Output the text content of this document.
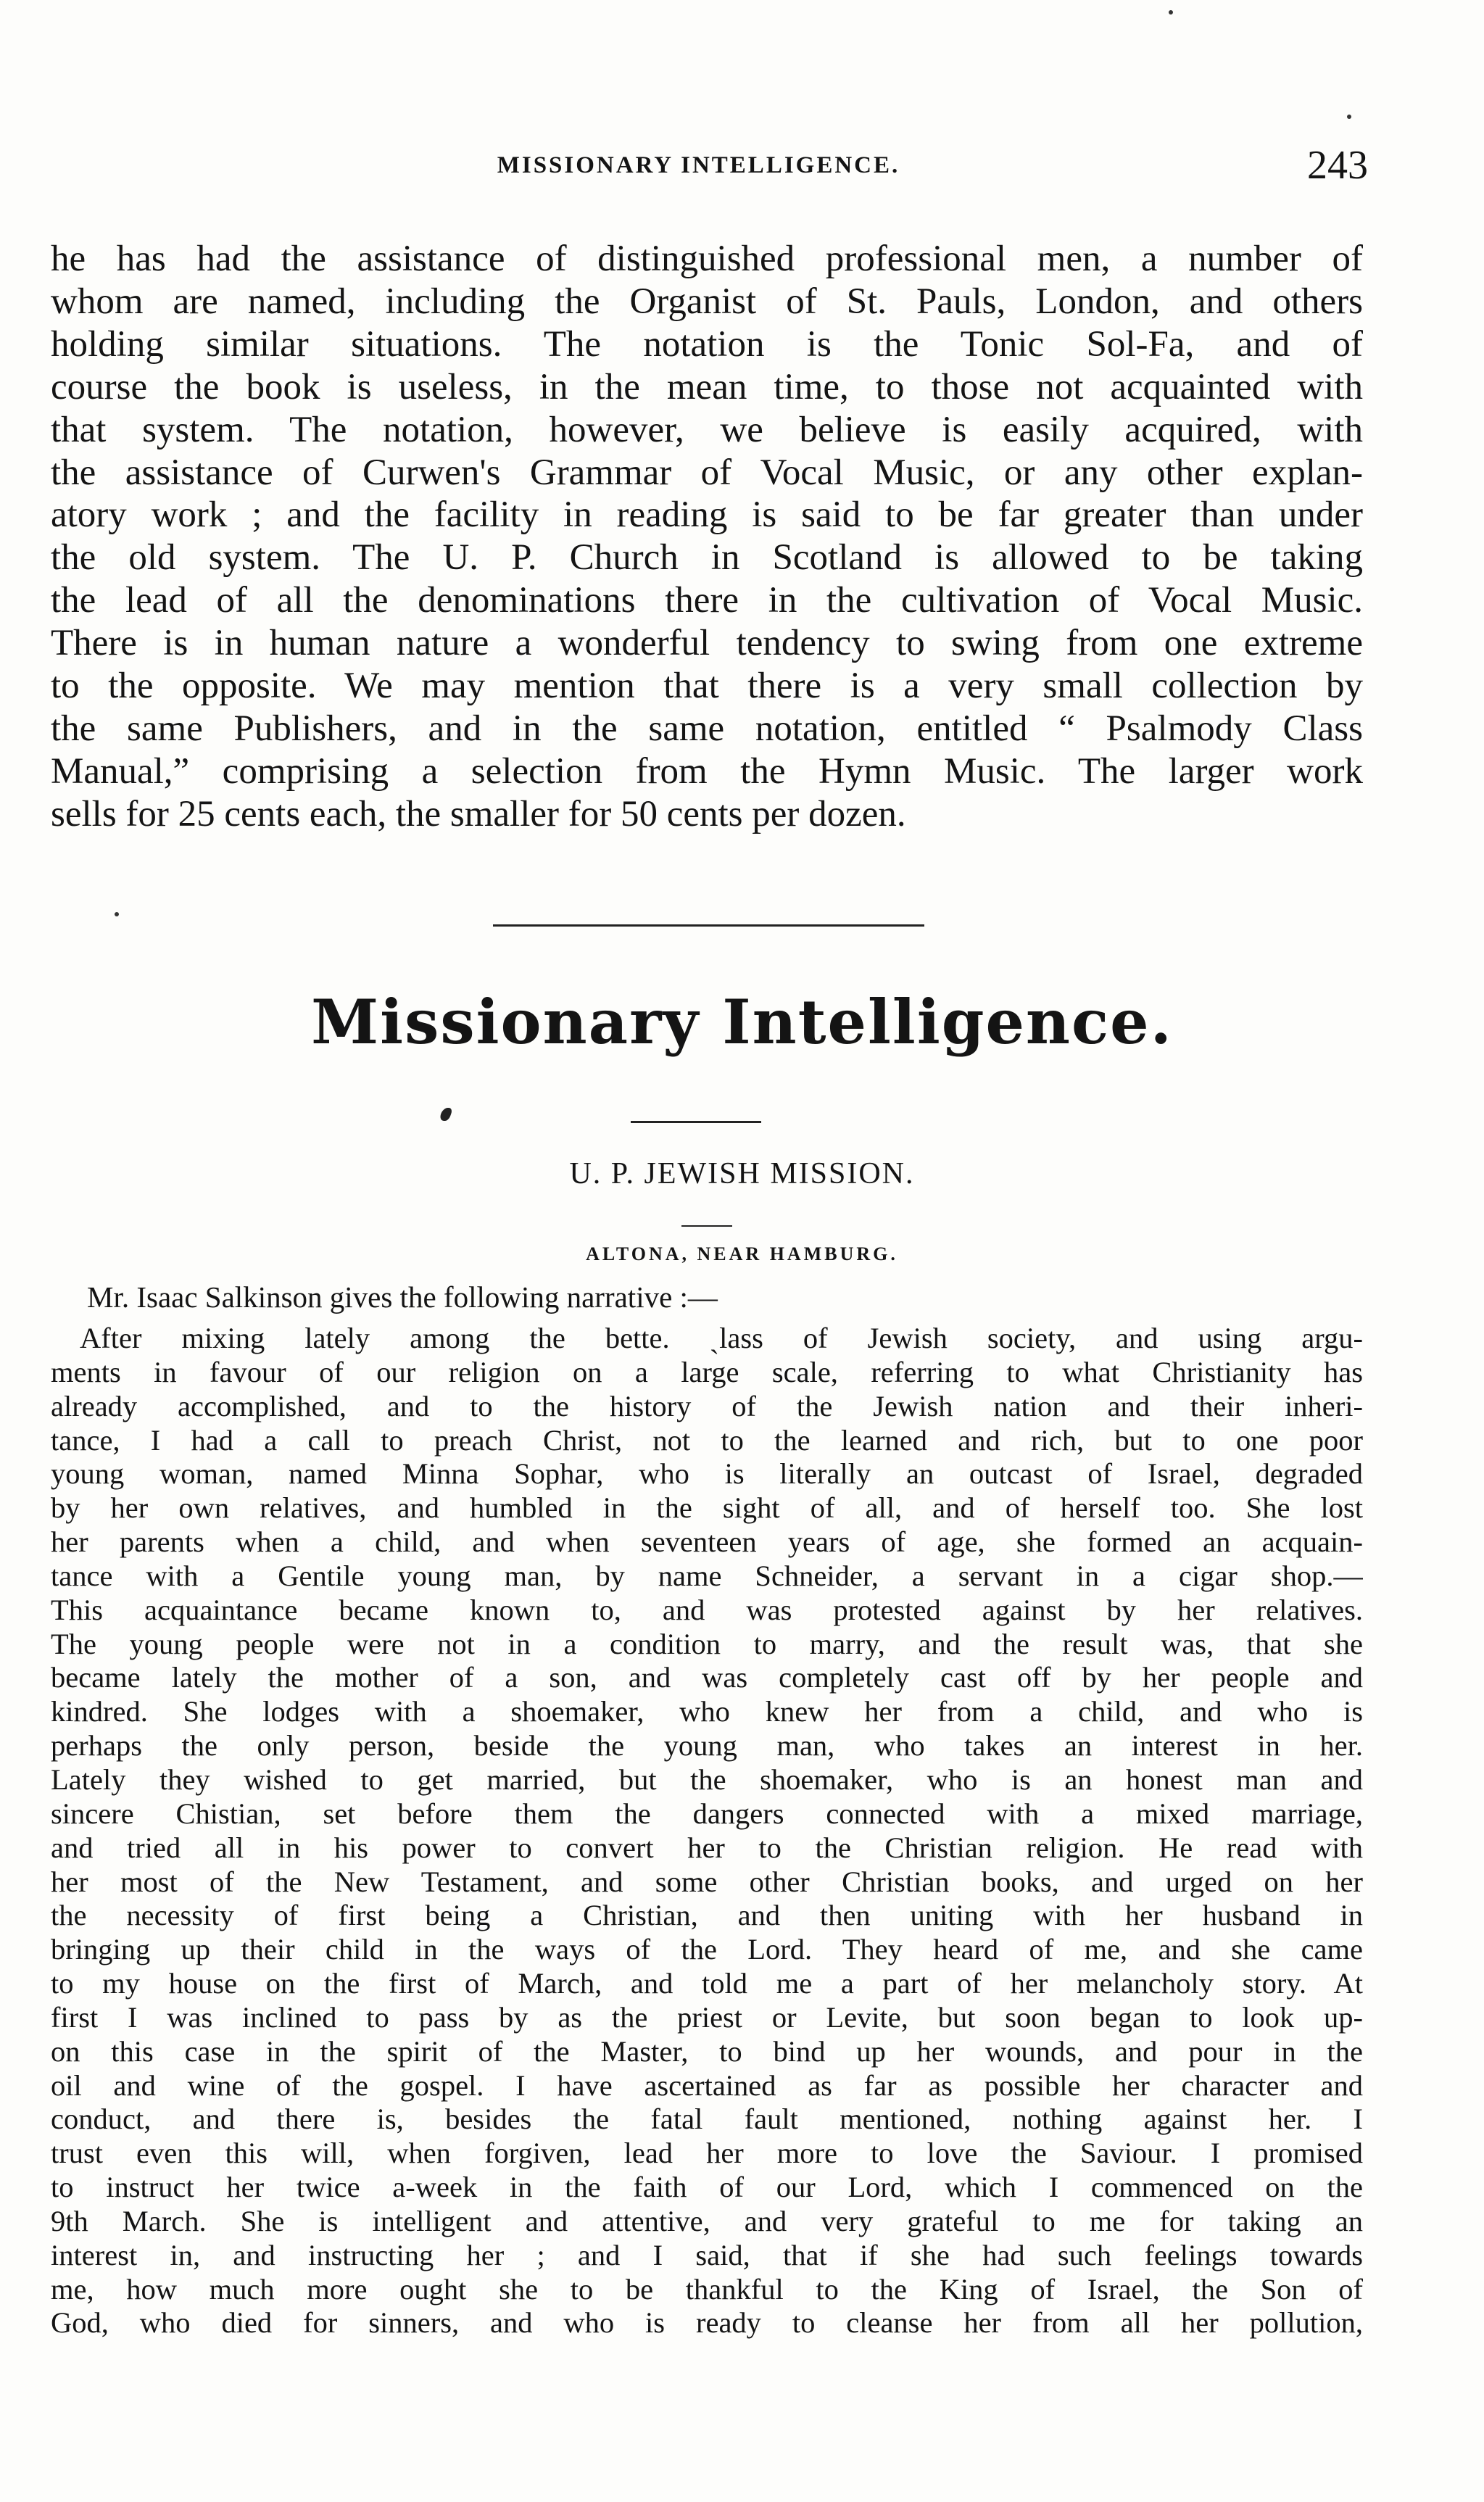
MISSIONARY INTELLIGENCE.	243
he has had the assistance of distinguished professional men, a number of
whom are named, including the Organist of St. Pauls, London, and others
holding similar situations. The notation is the Tonic Sol-Fa, and of
course the book is useless, in the mean time, to those not acquainted with
that system. The notation, however, we believe is easily acquired, with
the assistance of Curwen's Grammar of Vocal Music, or any other explan-
atory work ; and the facility in reading is said to be far greater than under
the old system. The U. P. Church in Scotland is allowed to be taking
the lead of all the denominations there in the cultivation of Vocal Music.
There is in human nature a wonderful tendency to swing from one extreme
to the opposite. We may mention that there is a very small collection by
the same Publishers, and in the same notation, entitled “ Psalmody Class
Manual,” comprising a selection from the Hymn Music. The larger work
sells for 25 cents each, the smaller for 50 cents per dozen.
Missionary Intelligence.
U. P. JEWISH MISSION.
ALTONA, NEAR HAMBURG.
Mr. Isaac Salkinson gives the following narrative :—
After mixing lately among the bette. ˏlass of Jewish society, and using argu-
ments in favour of our religion on a large scale, referring to what Christianity has
already accomplished, and to the history of the Jewish nation and their inheri-
tance, I had a call to preach Christ, not to the learned and rich, but to one poor
young woman, named Minna Sophar, who is literally an outcast of Israel, degraded
by her own relatives, and humbled in the sight of all, and of herself too. She lost
her parents when a child, and when seventeen years of age, she formed an acquain-
tance with a Gentile young man, by name Schneider, a servant in a cigar shop.—
This acquaintance became known to, and was protested against by her relatives.
The young people were not in a condition to marry, and the result was, that she
became lately the mother of a son, and was completely cast off by her people and
kindred. She lodges with a shoemaker, who knew her from a child, and who is
perhaps the only person, beside the young man, who takes an interest in her.
Lately they wished to get married, but the shoemaker, who is an honest man and
sincere Chistian, set before them the dangers connected with a mixed marriage,
and tried all in his power to convert her to the Christian religion. He read with
her most of the New Testament, and some other Christian books, and urged on her
the necessity of first being a Christian, and then uniting with her husband in
bringing up their child in the ways of the Lord. They heard of me, and she came
to my house on the first of March, and told me a part of her melancholy story. At
first I was inclined to pass by as the priest or Levite, but soon began to look up-
on this case in the spirit of the Master, to bind up her wounds, and pour in the
oil and wine of the gospel. I have ascertained as far as possible her character and
conduct, and there is, besides the fatal fault mentioned, nothing against her. I
trust even this will, when forgiven, lead her more to love the Saviour. I promised
to instruct her twice a-week in the faith of our Lord, which I commenced on the
9th March. She is intelligent and attentive, and very grateful to me for taking an
interest in, and instructing her ; and I said, that if she had such feelings towards
me, how much more ought she to be thankful to the King of Israel, the Son of
God, who died for sinners, and who is ready to cleanse her from all her pollution,
